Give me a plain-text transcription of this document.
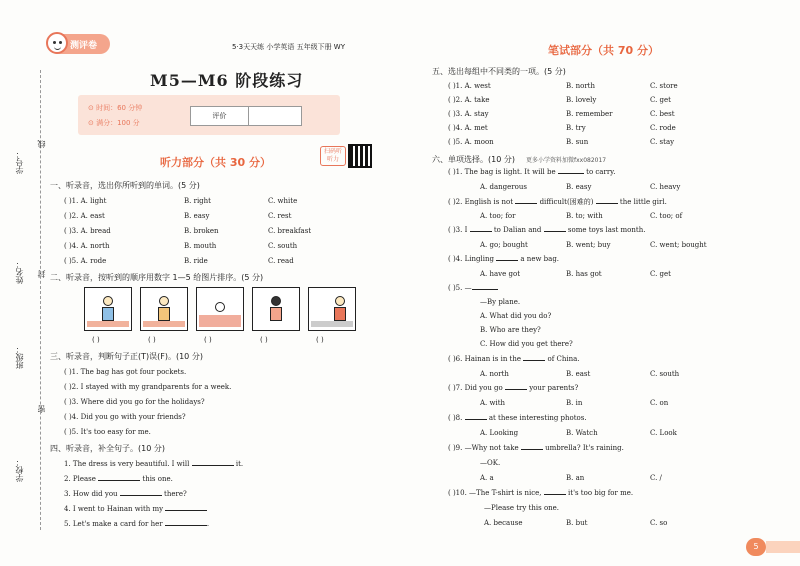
测评卷	5·3天天练 小学英语 五年级下册 WY
学号：
线
姓名： 封
班级：
密
学校：
M5—M6 阶段练习
⊙ 时间：60 分钟
⊙ 满分：100 分
评价
扫码听听力
听力部分（共 30 分）
一、听录音，选出你所听到的单词。(5 分)
( )1. A. light	B. right	C. white
( )2. A. east	B. easy	C. rest
( )3. A. bread	B. broken	C. breakfast
( )4. A. north	B. mouth	C. south
( )5. A. rode	B. ride	C. read
二、听录音，按听到的顺序用数字 1—5 给图片排序。(5 分)
( )	( )	( )	( )	( )
三、听录音，判断句子正(T)误(F)。(10 分)
( )1. The bag has got four pockets.
( )2. I stayed with my grandparents for a week.
( )3. Where did you go for the holidays?
( )4. Did you go with your friends?
( )5. It's too easy for me.
四、听录音，补全句子。(10 分)
1. The dress is very beautiful. I will	it.
2. Please	this one.
3. How did you	there?
4. I went to Hainan with my
5. Let's make a card for her	.
笔试部分（共 70 分）
五、选出每组中不同类的一项。(5 分)
( )1. A. west	B. north	C. store
( )2. A. take	B. lovely	C. get
( )3. A. stay	B. remember	C. best
( )4. A. met	B. try	C. rode
( )5. A. moon	B. sun	C. stay
六、单项选择。(10 分) 更多小学资料加微fxx082017
( )1. The bag is light. It will be	to carry.
A. dangerous	B. easy	C. heavy
( )2. English is not	difficult(困难的)	the little girl.
A. too; for	B. to; with	C. too; of
( )3. I	to Dalian and	some toys last month.
A. go; bought	B. went; buy	C. went; bought
( )4. Lingling	a new bag.
A. have got	B. has got	C. get
( )5. —
—By plane.
A. What did you do?
B. Who are they?
C. How did you get there?
( )6. Hainan is in the	of China.
A. north	B. east	C. south
( )7. Did you go	your parents?
A. with	B. in	C. on
( )8.	at these interesting photos.
A. Looking	B. Watch	C. Look
( )9. —Why not take	umbrella? It's raining.
—OK.
A. a	B. an	C. /
( )10. —The T-shirt is nice,	it's too big for me.
—Please try this one.
A. because	B. but	C. so
5
